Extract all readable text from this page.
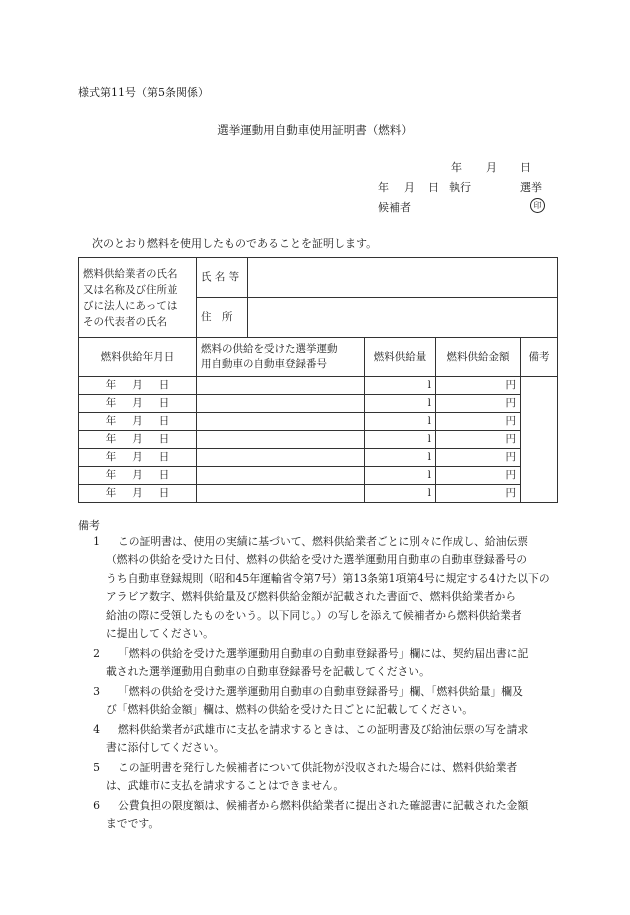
様式第11号（第5条関係）
選挙運動用自動車使用証明書（燃料）
年 月 日
年 月 日 執行	選挙
候補者	印
次のとおり燃料を使用したものであることを証明します。
燃料供給業者の氏名
又は名称及び住所並
びに法人にあっては
その代表者の氏名	氏 名 等				
	住　所				
燃料供給年月日	燃料の供給を受けた選挙運動
用自動車の自動車登録番号		燃料供給量	燃料供給金額	備考
年 月 日			l	円	
年 月 日			l	円	
年 月 日			l	円	
年 月 日			l	円	
年 月 日			l	円	
年 月 日			l	円	
年 月 日			l	円	
備考
1	この証明書は、使用の実績に基づいて、燃料供給業者ごとに別々に作成し、給油伝票
（燃料の供給を受けた日付、燃料の供給を受けた選挙運動用自動車の自動車登録番号の
うち自動車登録規則（昭和45年運輸省令第7号）第13条第1項第4号に規定する4けた以下の
アラビア数字、燃料供給量及び燃料供給金額が記載された書面で、燃料供給業者から
給油の際に受領したものをいう。以下同じ。）の写しを添えて候補者から燃料供給業者
に提出してください。
2	「燃料の供給を受けた選挙運動用自動車の自動車登録番号」欄には、契約届出書に記
載された選挙運動用自動車の自動車登録番号を記載してください。
3	「燃料の供給を受けた選挙運動用自動車の自動車登録番号」欄、「燃料供給量」欄及
び「燃料供給金額」欄は、燃料の供給を受けた日ごとに記載してください。
4	燃料供給業者が武雄市に支払を請求するときは、この証明書及び給油伝票の写を請求
書に添付してください。
5	この証明書を発行した候補者について供託物が没収された場合には、燃料供給業者
は、武雄市に支払を請求することはできません。
6	公費負担の限度額は、候補者から燃料供給業者に提出された確認書に記載された金額
までです。
